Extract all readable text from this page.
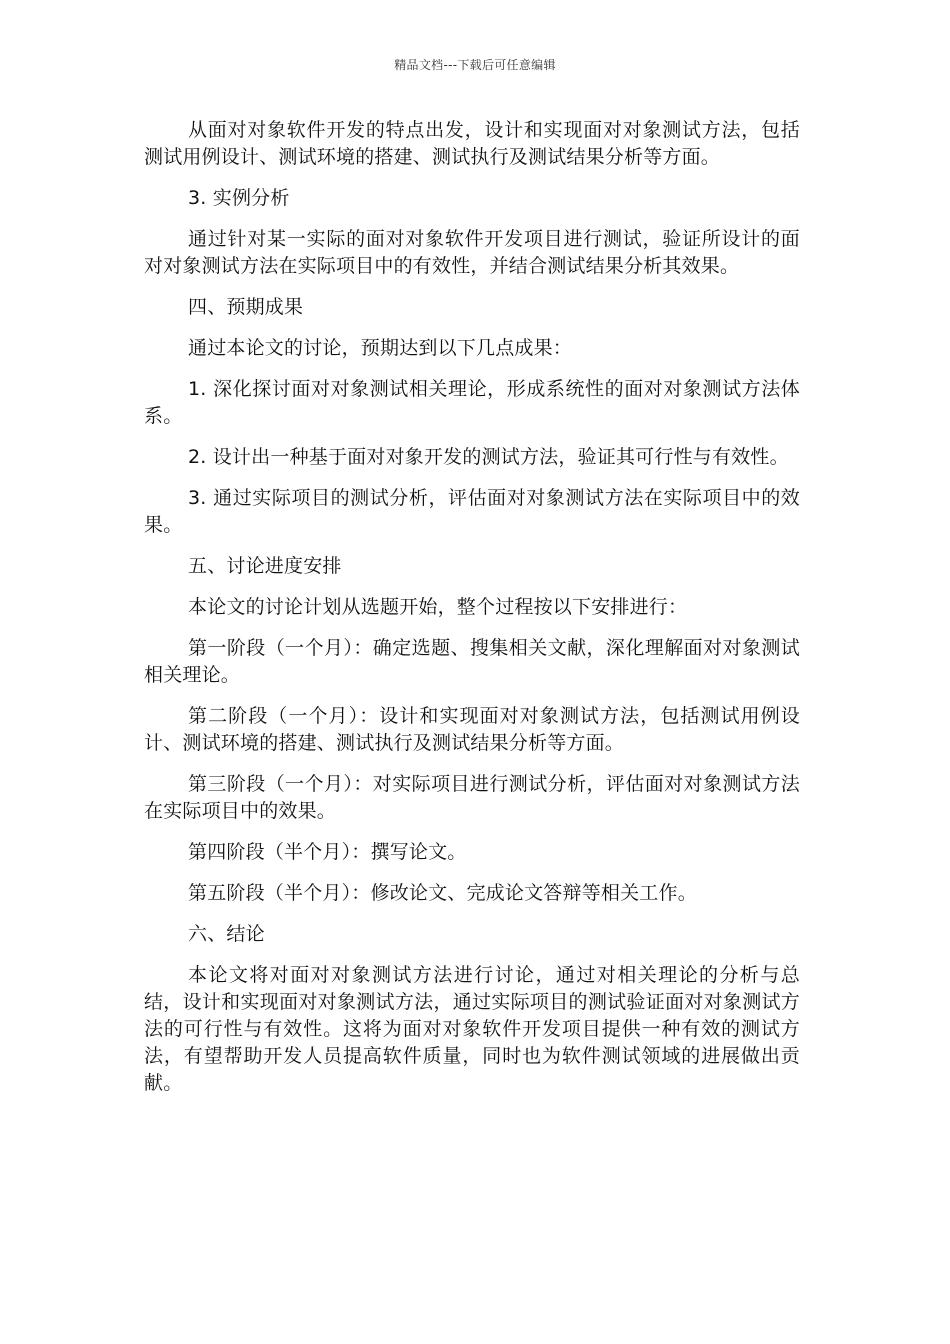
精品文档---下载后可任意编辑

从面对对象软件开发的特点出发，设计和实现面对对象测试方法，包括测试用例设计、测试环境的搭建、测试执行及测试结果分析等方面。

3. 实例分析

通过针对某一实际的面对对象软件开发项目进行测试，验证所设计的面对对象测试方法在实际项目中的有效性，并结合测试结果分析其效果。

四、预期成果

通过本论文的讨论，预期达到以下几点成果：

1. 深化探讨面对对象测试相关理论，形成系统性的面对对象测试方法体系。

2. 设计出一种基于面对对象开发的测试方法，验证其可行性与有效性。

3. 通过实际项目的测试分析，评估面对对象测试方法在实际项目中的效果。

五、讨论进度安排

本论文的讨论计划从选题开始，整个过程按以下安排进行：

第一阶段（一个月）：确定选题、搜集相关文献，深化理解面对对象测试相关理论。

第二阶段（一个月）：设计和实现面对对象测试方法，包括测试用例设计、测试环境的搭建、测试执行及测试结果分析等方面。

第三阶段（一个月）：对实际项目进行测试分析，评估面对对象测试方法在实际项目中的效果。

第四阶段（半个月）：撰写论文。

第五阶段（半个月）：修改论文、完成论文答辩等相关工作。

六、结论

本论文将对面对对象测试方法进行讨论，通过对相关理论的分析与总结，设计和实现面对对象测试方法，通过实际项目的测试验证面对对象测试方法的可行性与有效性。这将为面对对象软件开发项目提供一种有效的测试方法，有望帮助开发人员提高软件质量，同时也为软件测试领域的进展做出贡献。
